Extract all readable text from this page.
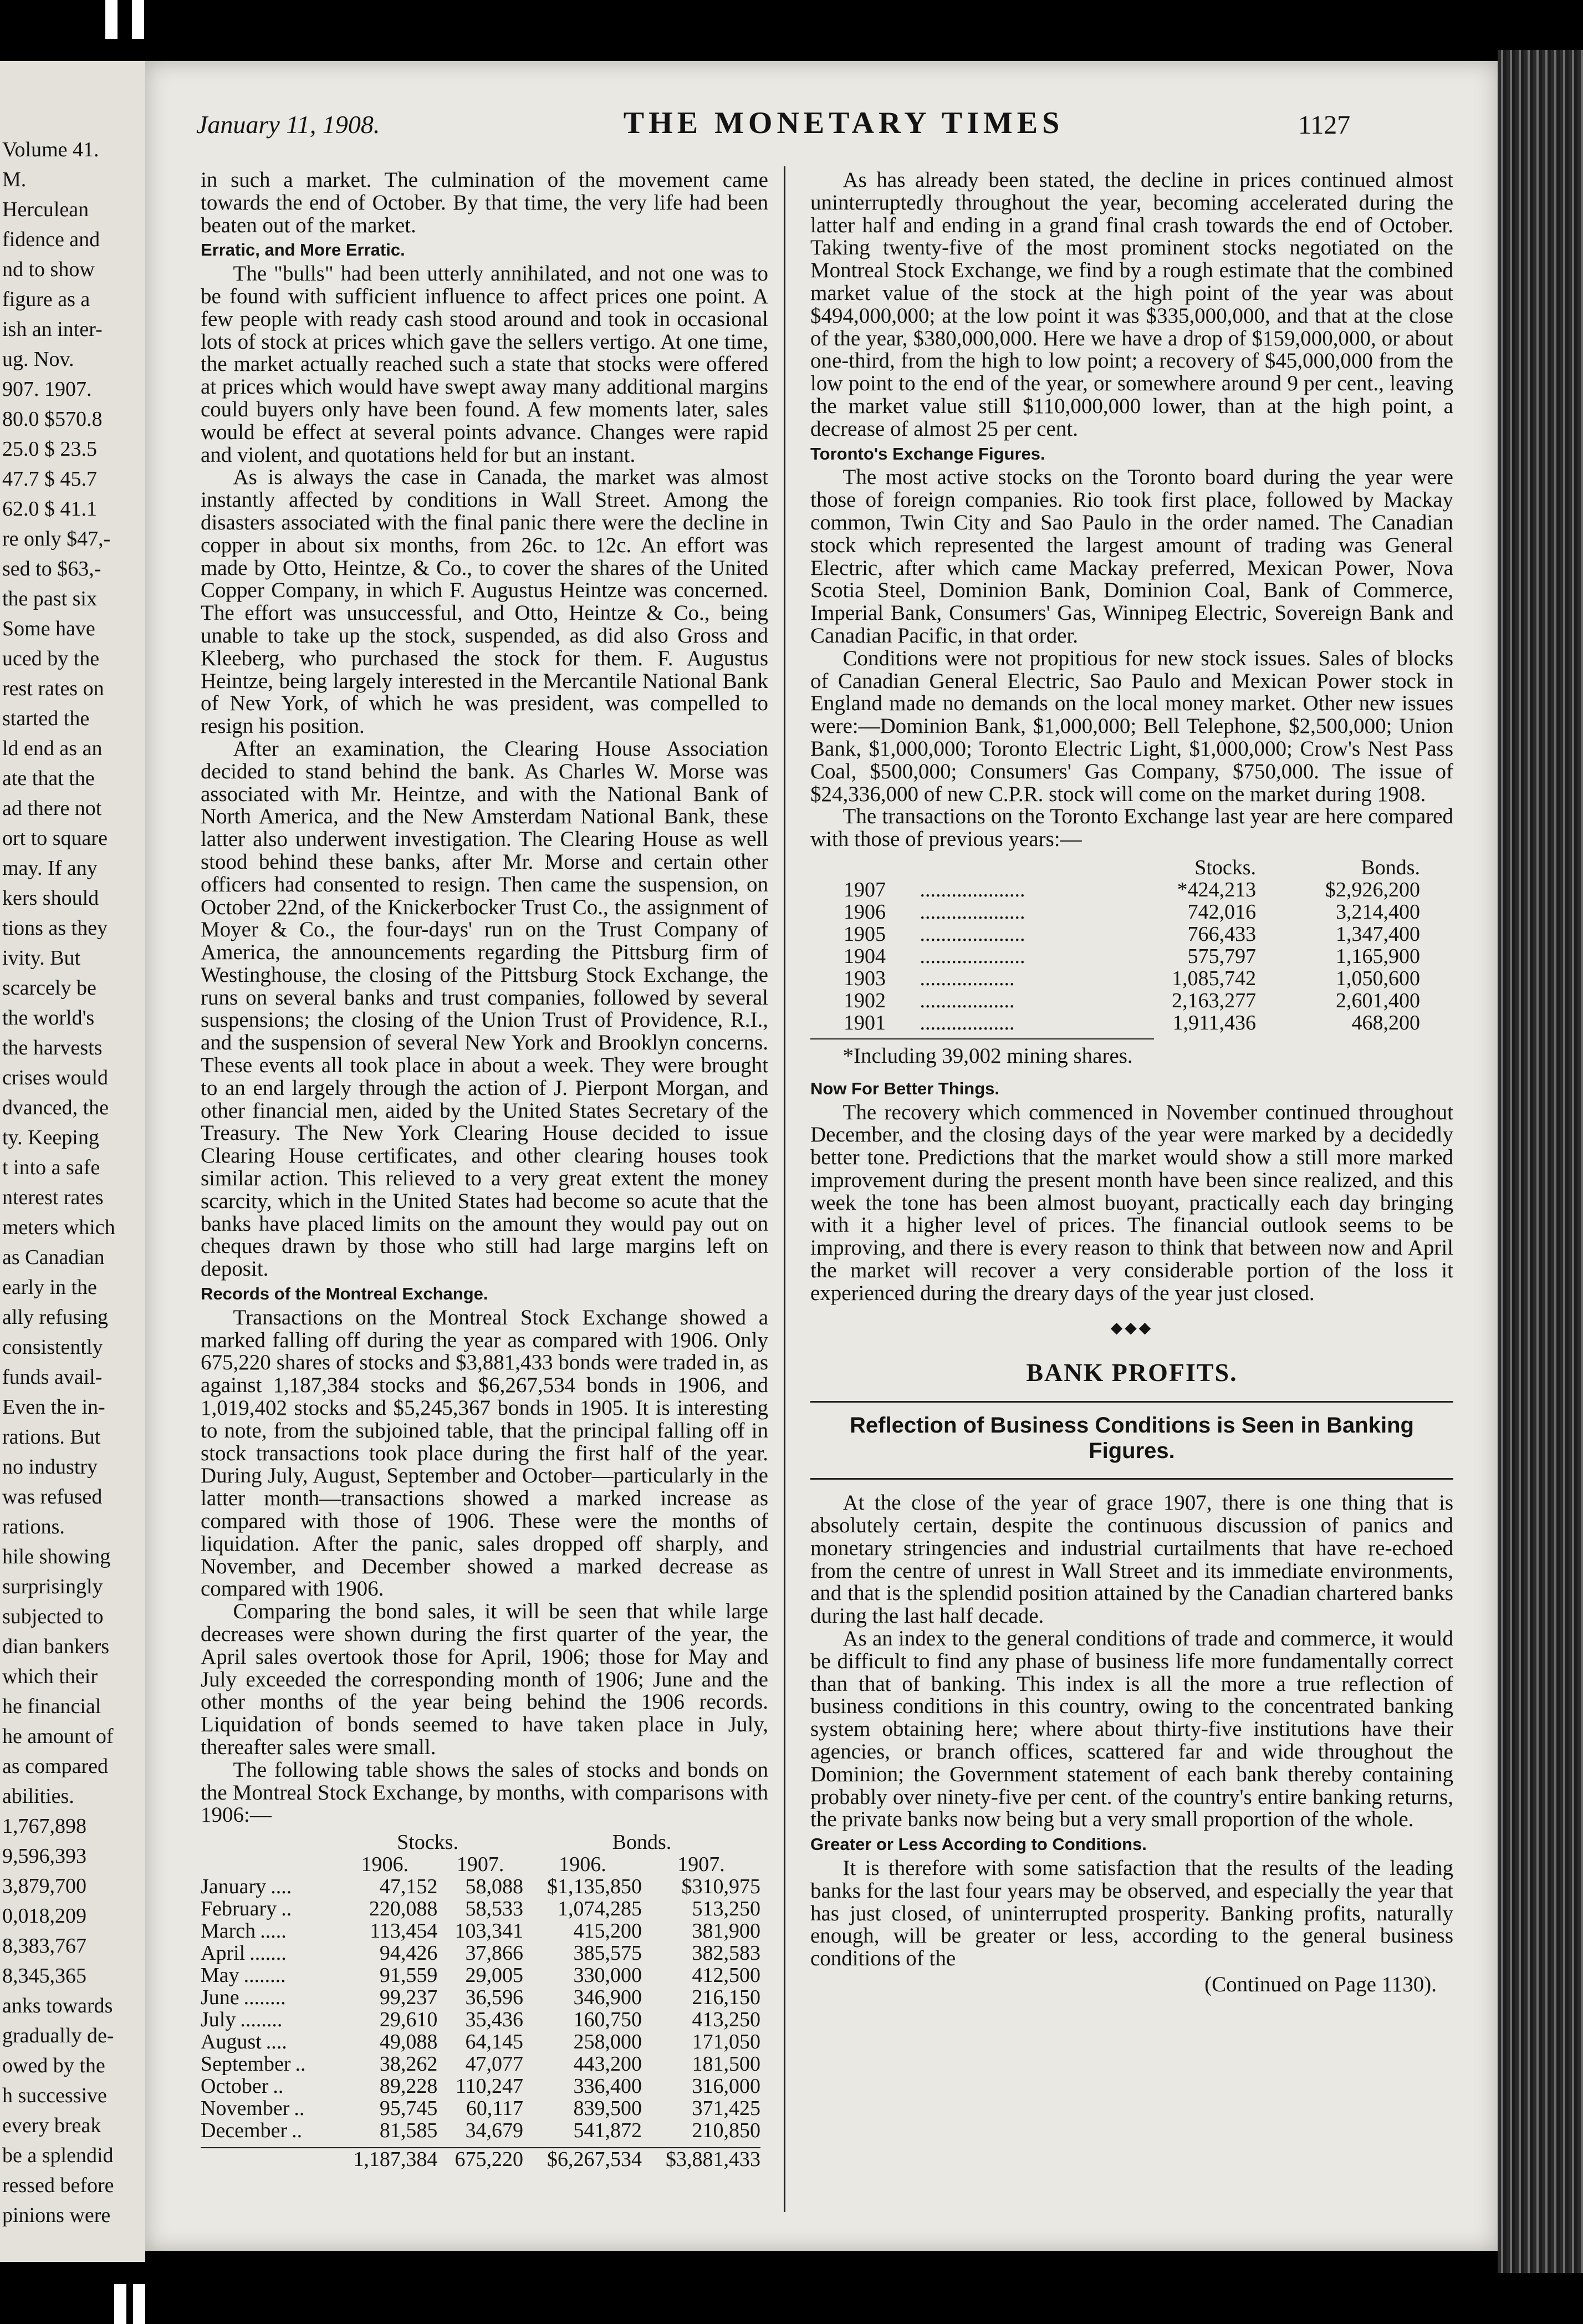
Volume 41.
M.
Herculean
fidence and
nd to show
figure as a
ish an inter-
ug. Nov.
907. 1907.
80.0 $570.8
25.0 $ 23.5
47.7 $ 45.7
62.0 $ 41.1
re only $47,-
sed to $63,-
the past six
Some have
uced by the
rest rates on
started the
ld end as an
ate that the
ad there not
ort to square
may. If any
kers should
tions as they
ivity. But
scarcely be
the world's
the harvests
crises would
dvanced, the
ty. Keeping
t into a safe
nterest rates
meters which
as Canadian
early in the
ally refusing
consistently
funds avail-
Even the in-
rations. But
no industry
was refused
rations.
hile showing
surprisingly
subjected to
dian bankers
which their
he financial
he amount of
as compared
abilities.
1,767,898
9,596,393
3,879,700
0,018,209
8,383,767
8,345,365
anks towards
gradually de-
owed by the
h successive
every break
be a splendid
ressed before
pinions were
January 11, 1908.	THE MONETARY TIMES	1127

in such a market. The culmination of the movement came towards the end of October. By that time, the very life had been beaten out of the market.

Erratic, and More Erratic.

The "bulls" had been utterly annihilated, and not one was to be found with sufficient influence to affect prices one point. A few people with ready cash stood around and took in occasional lots of stock at prices which gave the sellers vertigo. At one time, the market actually reached such a state that stocks were offered at prices which would have swept away many additional margins could buyers only have been found. A few moments later, sales would be effect at several points advance. Changes were rapid and violent, and quotations held for but an instant.

As is always the case in Canada, the market was almost instantly affected by conditions in Wall Street. Among the disasters associated with the final panic there were the decline in copper in about six months, from 26c. to 12c. An effort was made by Otto, Heintze, & Co., to cover the shares of the United Copper Company, in which F. Augustus Heintze was concerned. The effort was unsuccessful, and Otto, Heintze & Co., being unable to take up the stock, suspended, as did also Gross and Kleeberg, who purchased the stock for them. F. Augustus Heintze, being largely interested in the Mercantile National Bank of New York, of which he was president, was compelled to resign his position.

After an examination, the Clearing House Association decided to stand behind the bank. As Charles W. Morse was associated with Mr. Heintze, and with the National Bank of North America, and the New Amsterdam National Bank, these latter also underwent investigation. The Clearing House as well stood behind these banks, after Mr. Morse and certain other officers had consented to resign. Then came the suspension, on October 22nd, of the Knickerbocker Trust Co., the assignment of Moyer & Co., the four-days' run on the Trust Company of America, the announcements regarding the Pittsburg firm of Westinghouse, the closing of the Pittsburg Stock Exchange, the runs on several banks and trust companies, followed by several suspensions; the closing of the Union Trust of Providence, R.I., and the suspension of several New York and Brooklyn concerns. These events all took place in about a week. They were brought to an end largely through the action of J. Pierpont Morgan, and other financial men, aided by the United States Secretary of the Treasury. The New York Clearing House decided to issue Clearing House certificates, and other clearing houses took similar action. This relieved to a very great extent the money scarcity, which in the United States had become so acute that the banks have placed limits on the amount they would pay out on cheques drawn by those who still had large margins left on deposit.

Records of the Montreal Exchange.

Transactions on the Montreal Stock Exchange showed a marked falling off during the year as compared with 1906. Only 675,220 shares of stocks and $3,881,433 bonds were traded in, as against 1,187,384 stocks and $6,267,534 bonds in 1906, and 1,019,402 stocks and $5,245,367 bonds in 1905. It is interesting to note, from the subjoined table, that the principal falling off in stock transactions took place during the first half of the year. During July, August, September and October—particularly in the latter month—transactions showed a marked increase as compared with those of 1906. These were the months of liquidation. After the panic, sales dropped off sharply, and November, and December showed a marked decrease as compared with 1906.

Comparing the bond sales, it will be seen that while large decreases were shown during the first quarter of the year, the April sales overtook those for April, 1906; those for May and July exceeded the corresponding month of 1906; June and the other months of the year being behind the 1906 records. Liquidation of bonds seemed to have taken place in July, thereafter sales were small.

The following table shows the sales of stocks and bonds on the Montreal Stock Exchange, by months, with comparisons with 1906:—

	Stocks.		Bonds.	
	1906.	1907.	1906.	1907.
January ....	47,152	58,088	$1,135,850	$310,975
February ..	220,088	58,533	1,074,285	513,250
March .....	113,454	103,341	415,200	381,900
April .......	94,426	37,866	385,575	382,583
May ........	91,559	29,005	330,000	412,500
June ........	99,237	36,596	346,900	216,150
July ........	29,610	35,436	160,750	413,250
August ....	49,088	64,145	258,000	171,050
September ..	38,262	47,077	443,200	181,500
October ..	89,228	110,247	336,400	316,000
November ..	95,745	60,117	839,500	371,425
December ..	81,585	34,679	541,872	210,850

	1,187,384	675,220	$6,267,534	$3,881,433

As has already been stated, the decline in prices continued almost uninterruptedly throughout the year, becoming accelerated during the latter half and ending in a grand final crash towards the end of October. Taking twenty-five of the most prominent stocks negotiated on the Montreal Stock Exchange, we find by a rough estimate that the combined market value of the stock at the high point of the year was about $494,000,000; at the low point it was $335,000,000, and that at the close of the year, $380,000,000. Here we have a drop of $159,000,000, or about one-third, from the high to low point; a recovery of $45,000,000 from the low point to the end of the year, or somewhere around 9 per cent., leaving the market value still $110,000,000 lower, than at the high point, a decrease of almost 25 per cent.

Toronto's Exchange Figures.

The most active stocks on the Toronto board during the year were those of foreign companies. Rio took first place, followed by Mackay common, Twin City and Sao Paulo in the order named. The Canadian stock which represented the largest amount of trading was General Electric, after which came Mackay preferred, Mexican Power, Nova Scotia Steel, Dominion Bank, Dominion Coal, Bank of Commerce, Imperial Bank, Consumers' Gas, Winnipeg Electric, Sovereign Bank and Canadian Pacific, in that order.

Conditions were not propitious for new stock issues. Sales of blocks of Canadian General Electric, Sao Paulo and Mexican Power stock in England made no demands on the local money market. Other new issues were:—Dominion Bank, $1,000,000; Bell Telephone, $2,500,000; Union Bank, $1,000,000; Toronto Electric Light, $1,000,000; Crow's Nest Pass Coal, $500,000; Consumers' Gas Company, $750,000. The issue of $24,336,000 of new C.P.R. stock will come on the market during 1908.

The transactions on the Toronto Exchange last year are here compared with those of previous years:—

		Stocks.	Bonds.
1907	....................	*424,213	$2,926,200
1906	....................	742,016	3,214,400
1905	....................	766,433	1,347,400
1904	....................	575,797	1,165,900
1903	..................	1,085,742	1,050,600
1902	..................	2,163,277	2,601,400
1901	..................	1,911,436	468,200

*Including 39,002 mining shares.

Now For Better Things.

The recovery which commenced in November continued throughout December, and the closing days of the year were marked by a decidedly better tone. Predictions that the market would show a still more marked improvement during the present month have been since realized, and this week the tone has been almost buoyant, practically each day bringing with it a higher level of prices. The financial outlook seems to be improving, and there is every reason to think that between now and April the market will recover a very considerable portion of the loss it experienced during the dreary days of the year just closed.

◆◆◆
BANK PROFITS.
Reflection of Business Conditions is Seen in Banking Figures.

At the close of the year of grace 1907, there is one thing that is absolutely certain, despite the continuous discussion of panics and monetary stringencies and industrial curtailments that have re-echoed from the centre of unrest in Wall Street and its immediate environments, and that is the splendid position attained by the Canadian chartered banks during the last half decade.

As an index to the general conditions of trade and commerce, it would be difficult to find any phase of business life more fundamentally correct than that of banking. This index is all the more a true reflection of business conditions in this country, owing to the concentrated banking system obtaining here; where about thirty-five institutions have their agencies, or branch offices, scattered far and wide throughout the Dominion; the Government statement of each bank thereby containing probably over ninety-five per cent. of the country's entire banking returns, the private banks now being but a very small proportion of the whole.

Greater or Less According to Conditions.

It is therefore with some satisfaction that the results of the leading banks for the last four years may be observed, and especially the year that has just closed, of uninterrupted prosperity. Banking profits, naturally enough, will be greater or less, according to the general business conditions of the

(Continued on Page 1130).
